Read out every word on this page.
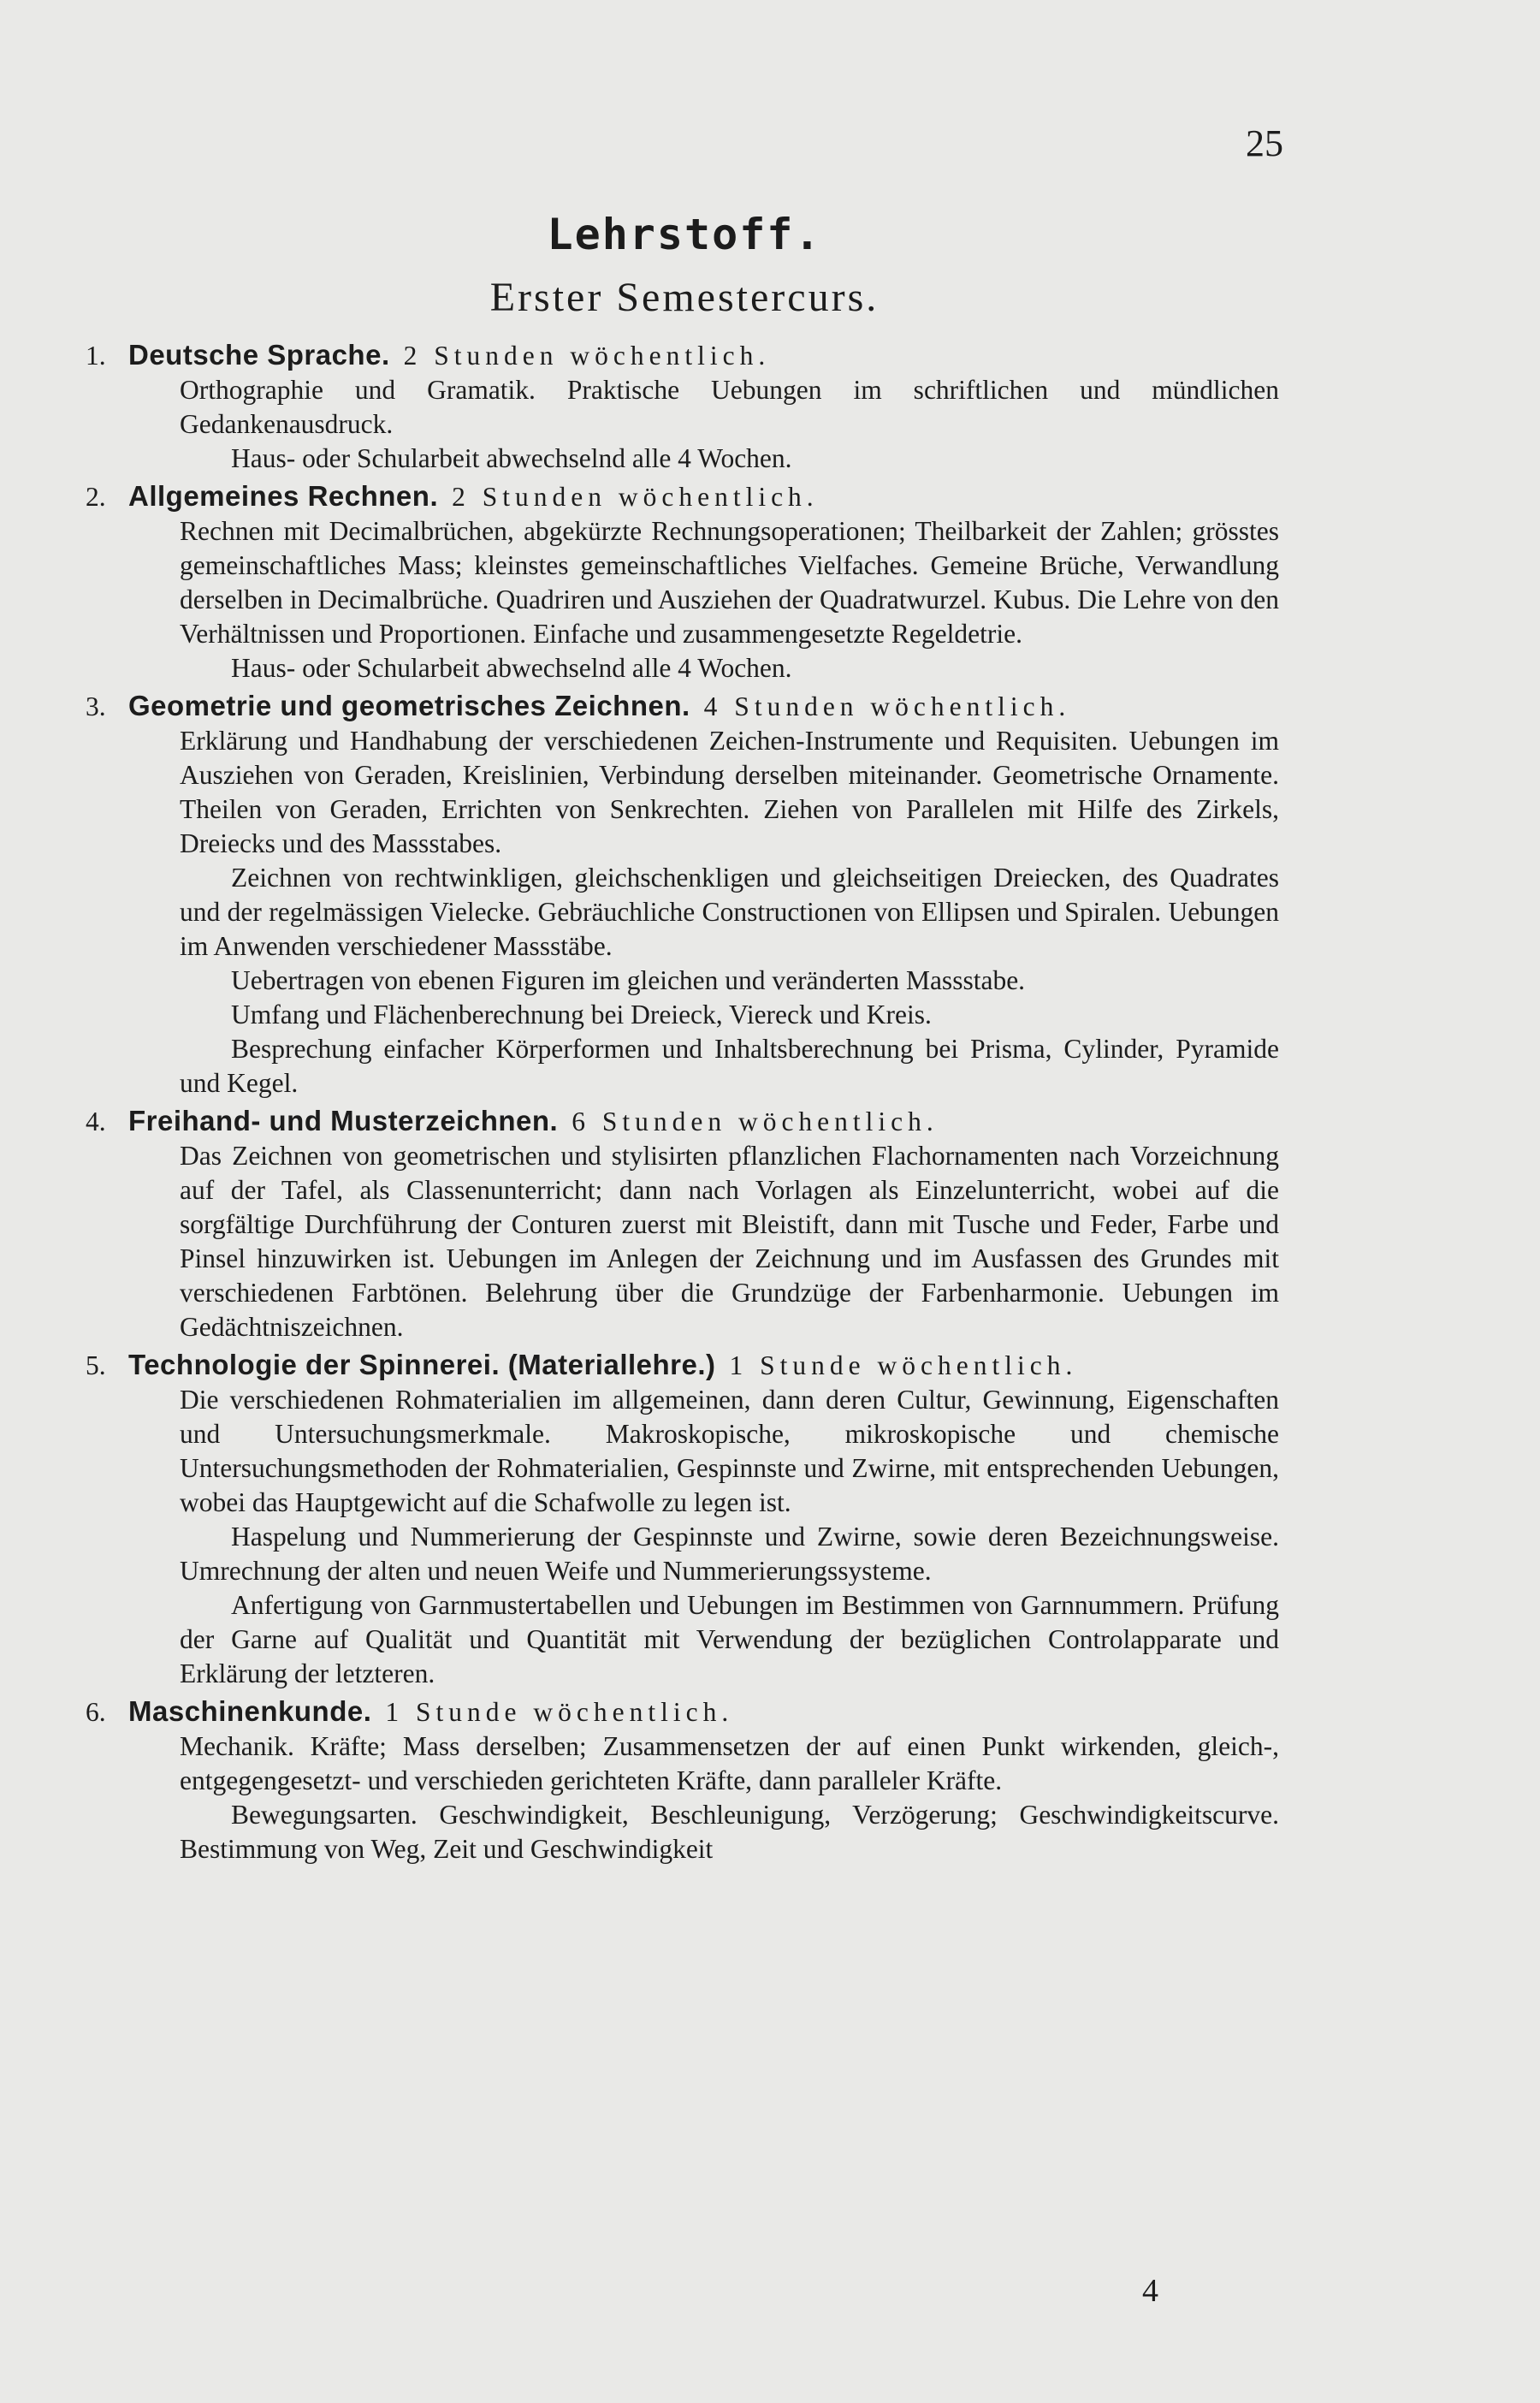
25
Lehrstoff.
Erster Semestercurs.
1. Deutsche Sprache. 2 Stunden wöchentlich.

Orthographie und Gramatik. Praktische Uebungen im schriftlichen und mündlichen Gedankenausdruck.

Haus- oder Schularbeit abwechselnd alle 4 Wochen.

2. Allgemeines Rechnen. 2 Stunden wöchentlich.

Rechnen mit Decimalbrüchen, abgekürzte Rechnungsoperationen; Theilbarkeit der Zahlen; grösstes gemeinschaftliches Mass; kleinstes gemeinschaftliches Vielfaches. Gemeine Brüche, Verwandlung derselben in Decimalbrüche. Quadriren und Ausziehen der Quadratwurzel. Kubus. Die Lehre von den Verhältnissen und Proportionen. Einfache und zusammengesetzte Regeldetrie.

Haus- oder Schularbeit abwechselnd alle 4 Wochen.

3. Geometrie und geometrisches Zeichnen. 4 Stunden wöchentlich.

Erklärung und Handhabung der verschiedenen Zeichen-Instrumente und Requisiten. Uebungen im Ausziehen von Geraden, Kreislinien, Verbindung derselben miteinander. Geometrische Ornamente. Theilen von Geraden, Errichten von Senkrechten. Ziehen von Parallelen mit Hilfe des Zirkels, Dreiecks und des Massstabes.

Zeichnen von rechtwinkligen, gleichschenkligen und gleichseitigen Dreiecken, des Quadrates und der regelmässigen Vielecke. Gebräuchliche Constructionen von Ellipsen und Spiralen. Uebungen im Anwenden verschiedener Massstäbe.

Uebertragen von ebenen Figuren im gleichen und veränderten Massstabe.

Umfang und Flächenberechnung bei Dreieck, Viereck und Kreis.

Besprechung einfacher Körperformen und Inhaltsberechnung bei Prisma, Cylinder, Pyramide und Kegel.

4. Freihand- und Musterzeichnen. 6 Stunden wöchentlich.

Das Zeichnen von geometrischen und stylisirten pflanzlichen Flachornamenten nach Vorzeichnung auf der Tafel, als Classenunterricht; dann nach Vorlagen als Einzelunterricht, wobei auf die sorgfältige Durchführung der Conturen zuerst mit Bleistift, dann mit Tusche und Feder, Farbe und Pinsel hinzuwirken ist. Uebungen im Anlegen der Zeichnung und im Ausfassen des Grundes mit verschiedenen Farbtönen. Belehrung über die Grundzüge der Farbenharmonie. Uebungen im Gedächtniszeichnen.

5. Technologie der Spinnerei. (Materiallehre.) 1 Stunde wöchentlich.

Die verschiedenen Rohmaterialien im allgemeinen, dann deren Cultur, Gewinnung, Eigenschaften und Untersuchungsmerkmale. Makroskopische, mikroskopische und chemische Untersuchungsmethoden der Rohmaterialien, Gespinnste und Zwirne, mit entsprechenden Uebungen, wobei das Hauptgewicht auf die Schafwolle zu legen ist.

Haspelung und Nummerierung der Gespinnste und Zwirne, sowie deren Bezeichnungsweise. Umrechnung der alten und neuen Weife und Nummerierungssysteme.

Anfertigung von Garnmustertabellen und Uebungen im Bestimmen von Garnnummern. Prüfung der Garne auf Qualität und Quantität mit Verwendung der bezüglichen Controlapparate und Erklärung der letzteren.

6. Maschinenkunde. 1 Stunde wöchentlich.

Mechanik. Kräfte; Mass derselben; Zusammensetzen der auf einen Punkt wirkenden, gleich-, entgegengesetzt- und verschieden gerichteten Kräfte, dann paralleler Kräfte.

Bewegungsarten. Geschwindigkeit, Beschleunigung, Verzögerung; Geschwindigkeitscurve. Bestimmung von Weg, Zeit und Geschwindigkeit

4
